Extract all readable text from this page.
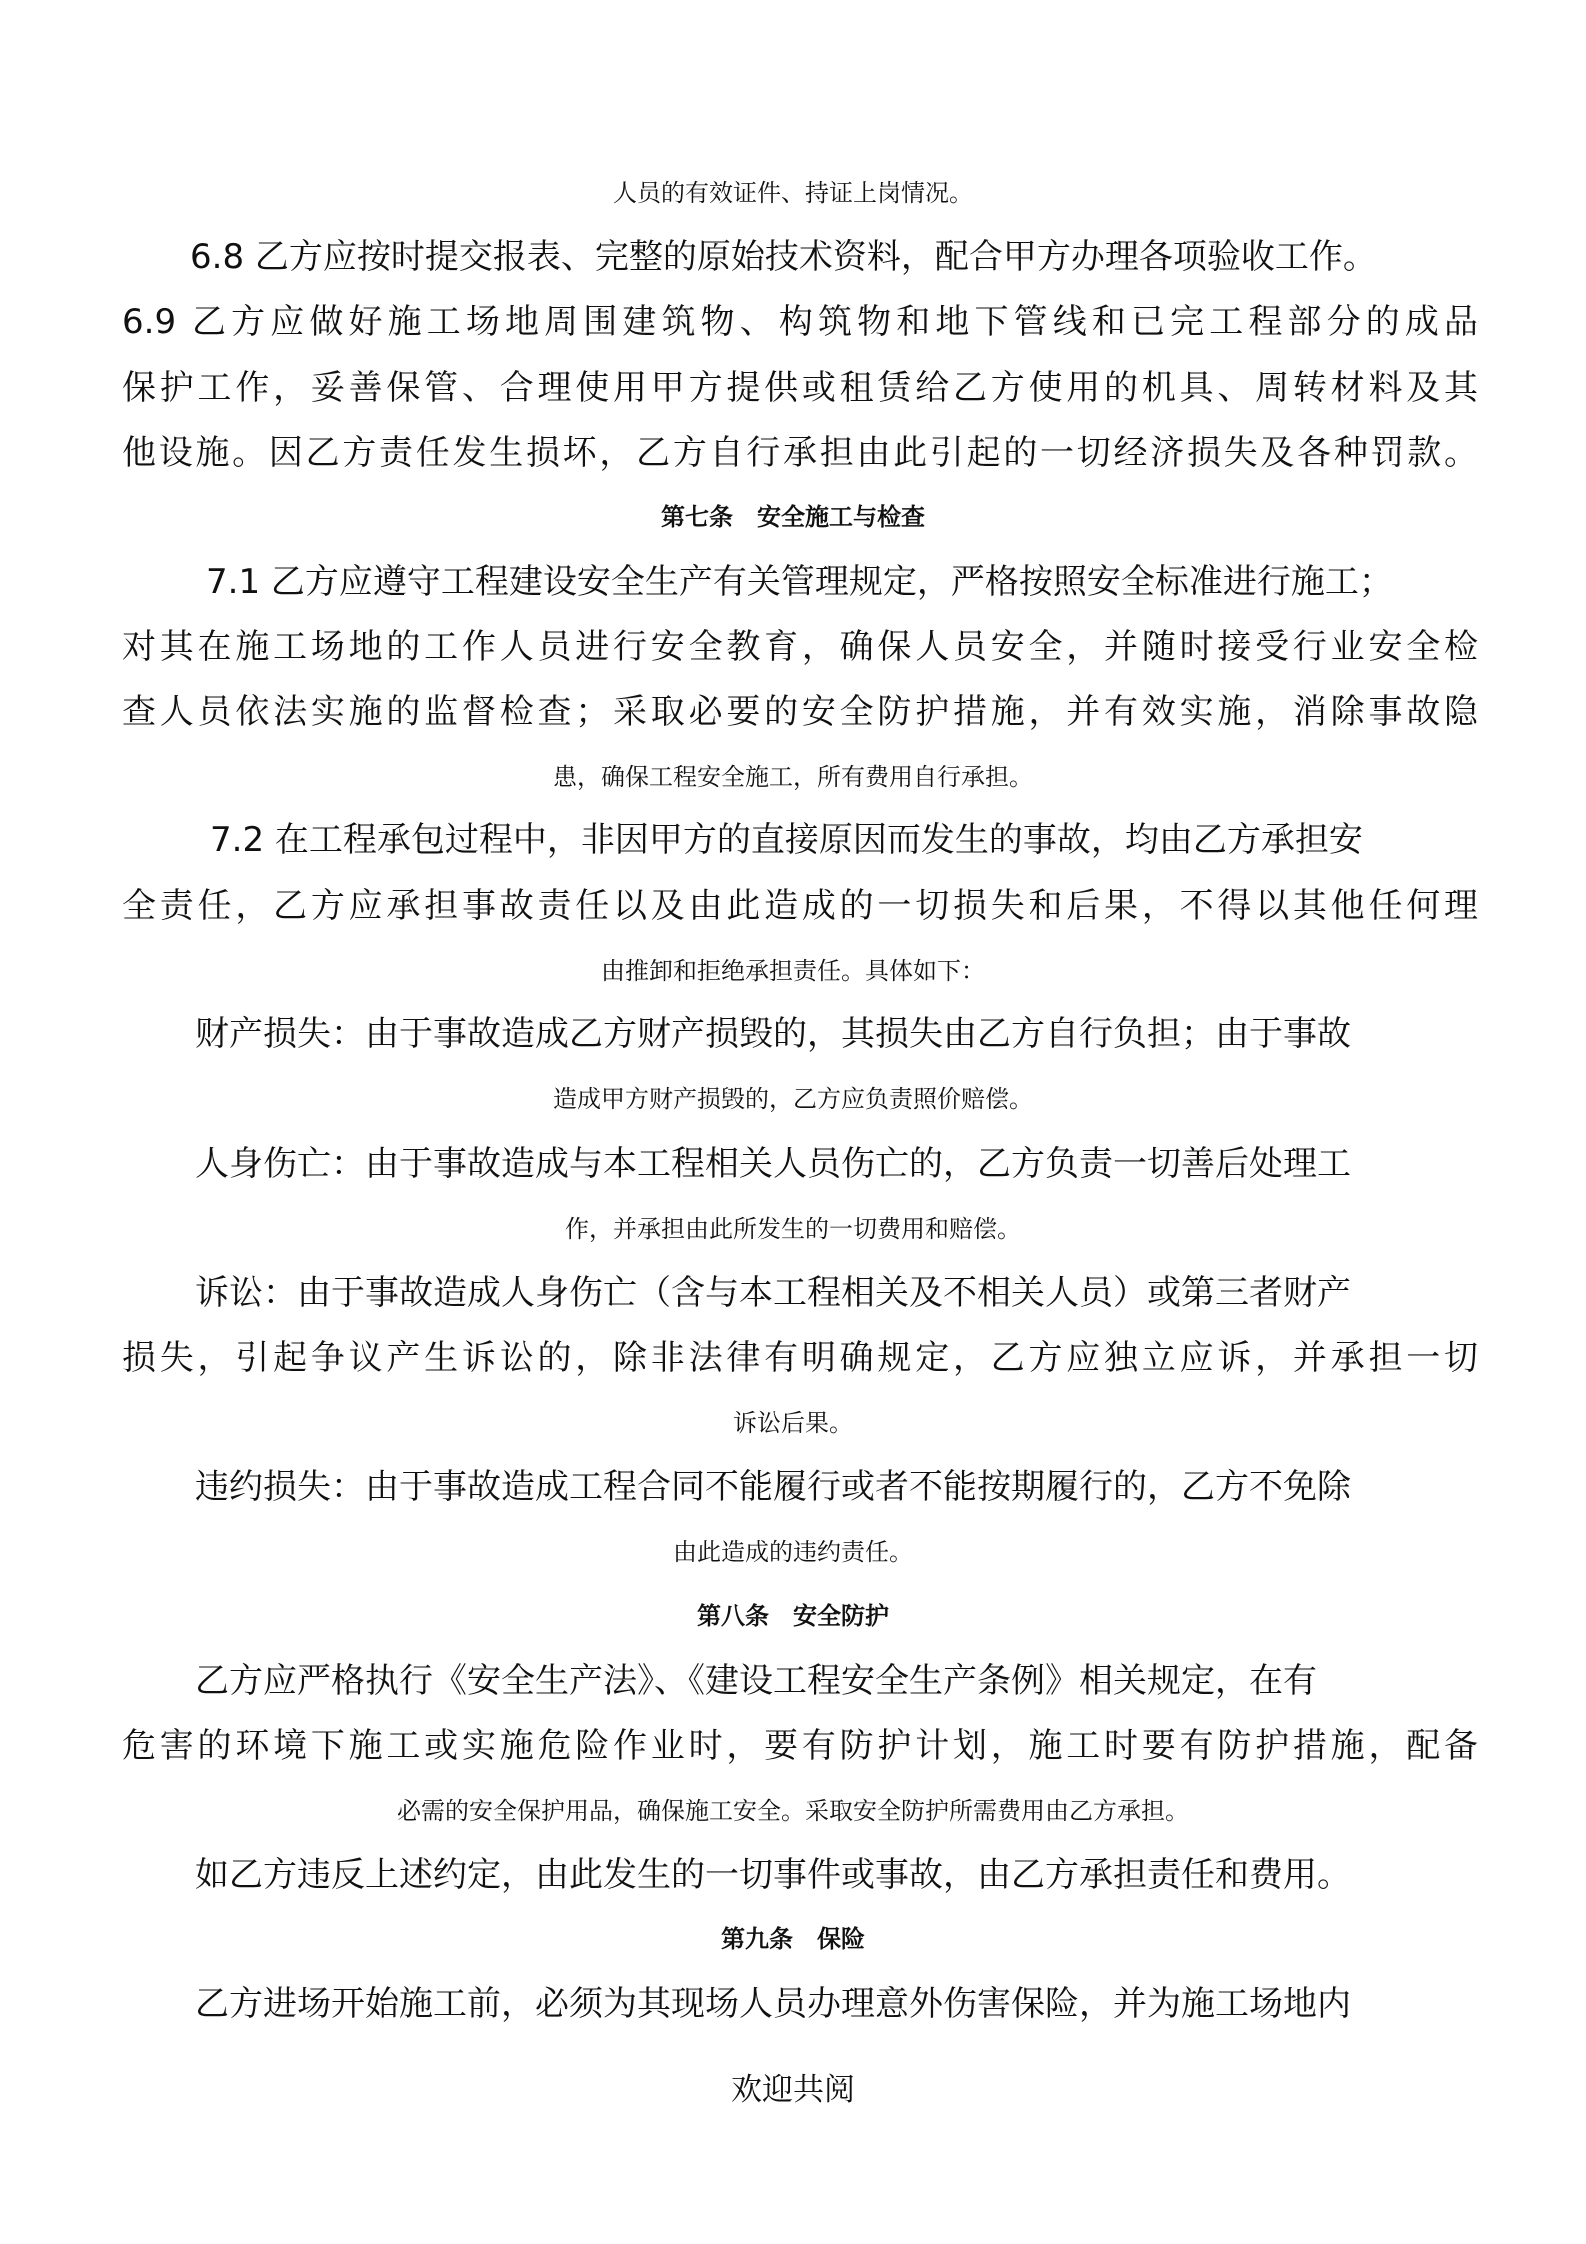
人员的有效证件、持证上岗情况。
6.8 乙方应按时提交报表、完整的原始技术资料，配合甲方办理各项验收工作。
6.9 乙方应做好施工场地周围建筑物、构筑物和地下管线和已完工程部分的成品
保护工作，妥善保管、合理使用甲方提供或租赁给乙方使用的机具、周转材料及其
他设施。因乙方责任发生损坏，乙方自行承担由此引起的一切经济损失及各种罚款。
第七条　安全施工与检查
7.1 乙方应遵守工程建设安全生产有关管理规定，严格按照安全标准进行施工；
对其在施工场地的工作人员进行安全教育，确保人员安全，并随时接受行业安全检
查人员依法实施的监督检查；采取必要的安全防护措施，并有效实施，消除事故隐
患，确保工程安全施工，所有费用自行承担。
7.2 在工程承包过程中，非因甲方的直接原因而发生的事故，均由乙方承担安
全责任，乙方应承担事故责任以及由此造成的一切损失和后果，不得以其他任何理
由推卸和拒绝承担责任。具体如下：
财产损失：由于事故造成乙方财产损毁的，其损失由乙方自行负担；由于事故
造成甲方财产损毁的，乙方应负责照价赔偿。
人身伤亡：由于事故造成与本工程相关人员伤亡的，乙方负责一切善后处理工
作，并承担由此所发生的一切费用和赔偿。
诉讼：由于事故造成人身伤亡（含与本工程相关及不相关人员）或第三者财产
损失，引起争议产生诉讼的，除非法律有明确规定，乙方应独立应诉，并承担一切
诉讼后果。
违约损失：由于事故造成工程合同不能履行或者不能按期履行的，乙方不免除
由此造成的违约责任。
第八条　安全防护
乙方应严格执行《安全生产法》、《建设工程安全生产条例》相关规定，在有
危害的环境下施工或实施危险作业时，要有防护计划，施工时要有防护措施，配备
必需的安全保护用品，确保施工安全。采取安全防护所需费用由乙方承担。
如乙方违反上述约定，由此发生的一切事件或事故，由乙方承担责任和费用。
第九条　保险
乙方进场开始施工前，必须为其现场人员办理意外伤害保险，并为施工场地内
欢迎共阅
